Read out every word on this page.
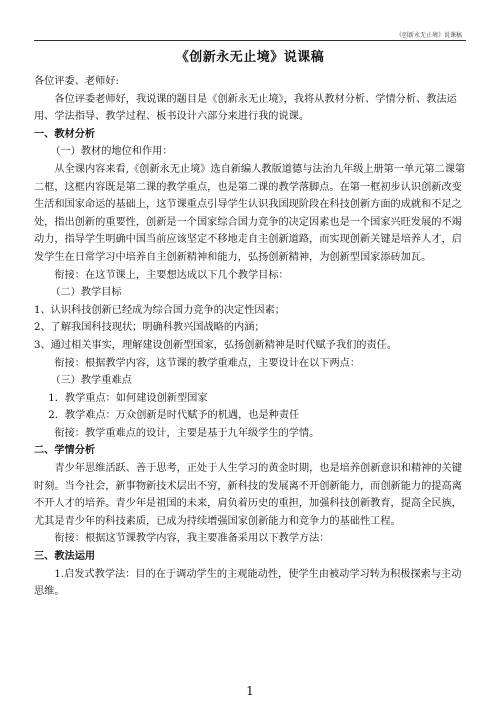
《创新永无止境》说课稿
《创新永无止境》说课稿

各位评委、老师好:

各位评委老师好，我说课的题目是《创新永无止境》，我将从教材分析、学情分析、教法运用、学法指导、教学过程、板书设计六部分来进行我的说课。

一、教材分析

（一）教材的地位和作用：

从全课内容来看,《创新永无止境》选自新编人教版道德与法治九年级上册第一单元第二课第二框，这框内容既是第二课的教学重点，也是第二课的教学落脚点。在第一框初步认识创新改变生活和国家命运的基础上，这节课重点引导学生认识我国现阶段在科技创新方面的成就和不足之处，指出创新的重要性，创新是一个国家综合国力竞争的决定因素也是一个国家兴旺发展的不竭动力，指导学生明确中国当前应该坚定不移地走自主创新道路，而实现创新关键是培养人才，启发学生在日常学习中培养自主创新精神和能力，弘扬创新精神，为创新型国家添砖加瓦。

衔接：在这节课上，主要想达成以下几个教学目标：

（二）教学目标

1、认识科技创新已经成为综合国力竞争的决定性因素；

2、了解我国科技现状；明确科教兴国战略的内涵；

3、通过相关事实，理解建设创新型国家，弘扬创新精神是时代赋予我们的责任。

衔接：根据教学内容，这节课的教学重难点，主要设计在以下两点：

（三）教学重难点

1．教学重点：如何建设创新型国家

2．教学难点：万众创新是时代赋予的机遇，也是种责任

衔接：教学重难点的设计，主要是基于九年级学生的学情。

二、学情分析

青少年思维活跃、善于思考，正处于人生学习的黄金时期，也是培养创新意识和精神的关键时刻。当今社会，新事物新技术层出不穷，新科技的发展离不开创新能力，而创新能力的提高离不开人才的培养。青少年是祖国的未来，肩负着历史的重担，加强科技创新教育，提高全民族，尤其是青少年的科技素质，已成为持续增强国家创新能力和竞争力的基础性工程。

衔接：根据这节课教学内容，我主要准备采用以下教学方法：

三、教法运用

1.启发式教学法：目的在于调动学生的主观能动性，使学生由被动学习转为积极探索与主动思维。

1
